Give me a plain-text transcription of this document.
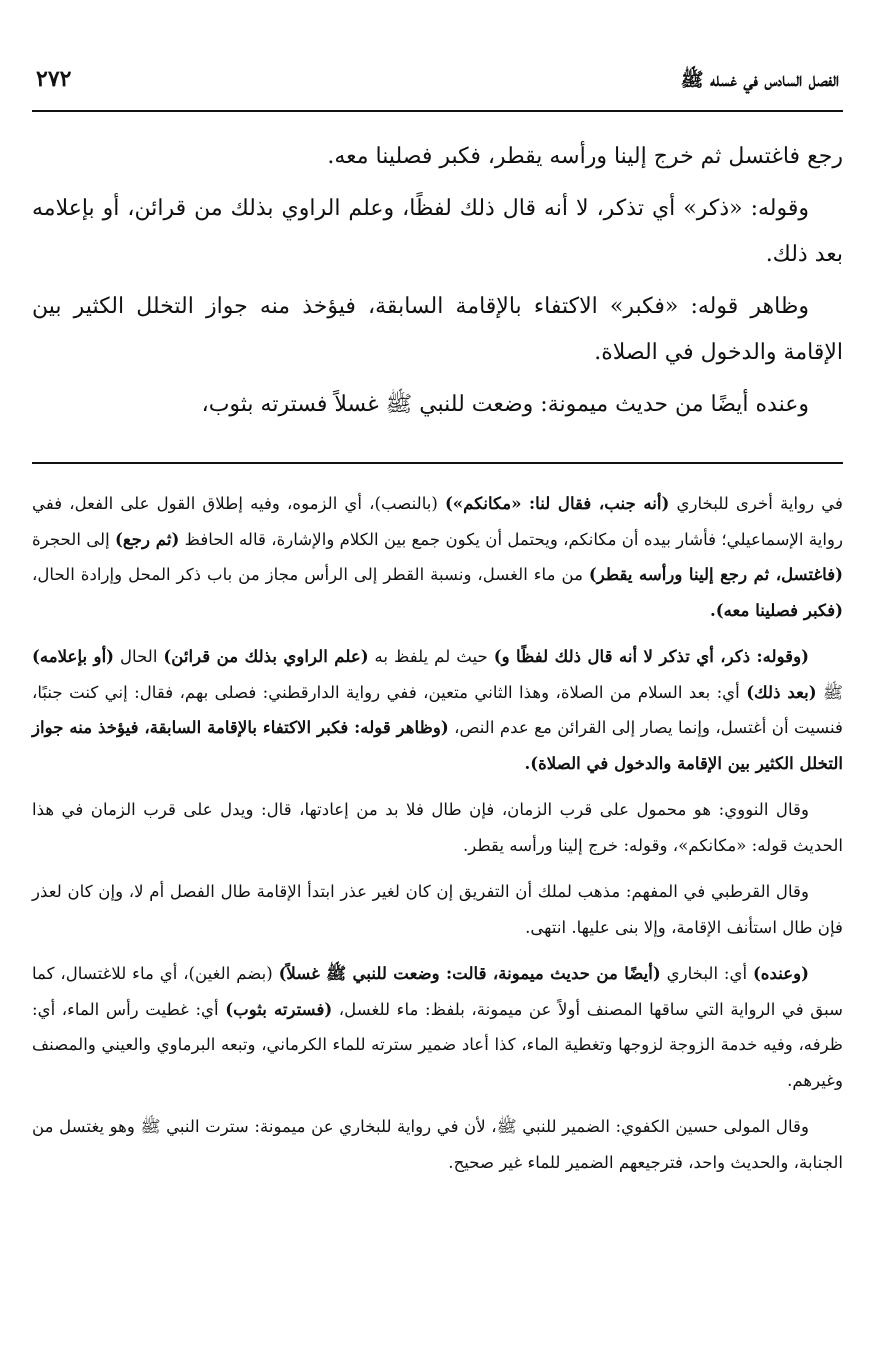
الفصل السادس في غسله ﷺ
٢٧٢

رجع فاغتسل ثم خرج إلينا ورأسه يقطر، فكبر فصلينا معه.

وقوله: «ذكر» أي تذكر، لا أنه قال ذلك لفظًا، وعلم الراوي بذلك من قرائن، أو بإعلامه بعد ذلك.

وظاهر قوله: «فكبر» الاكتفاء بالإقامة السابقة، فيؤخذ منه جواز التخلل الكثير بين الإقامة والدخول في الصلاة.

وعنده أيضًا من حديث ميمونة: وضعت للنبي ﷺ غسلاً فسترته بثوب،

في رواية أخرى للبخاري (أنه جنب، فقال لنا: «مكانكم») (بالنصب)، أي الزموه، وفيه إطلاق القول على الفعل، ففي رواية الإسماعيلي؛ فأشار بيده أن مكانكم، ويحتمل أن يكون جمع بين الكلام والإشارة، قاله الحافظ (ثم رجع) إلى الحجرة (فاغتسل، ثم رجع إلينا ورأسه يقطر) من ماء الغسل، ونسبة القطر إلى الرأس مجاز من باب ذكر المحل وإرادة الحال، (فكبر فصلينا معه).

(وقوله: ذكر، أي تذكر لا أنه قال ذلك لفظًا و) حيث لم يلفظ به (علم الراوي بذلك من قرائن) الحال (أو بإعلامه) ﷺ (بعد ذلك) أي: بعد السلام من الصلاة، وهذا الثاني متعين، ففي رواية الدارقطني: فصلى بهم، فقال: إني كنت جنبًا، فنسيت أن أغتسل، وإنما يصار إلى القرائن مع عدم النص، (وظاهر قوله: فكبر الاكتفاء بالإقامة السابقة، فيؤخذ منه جواز التخلل الكثير بين الإقامة والدخول في الصلاة).

وقال النووي: هو محمول على قرب الزمان، فإن طال فلا بد من إعادتها، قال: ويدل على قرب الزمان في هذا الحديث قوله: «مكانكم»، وقوله: خرج إلينا ورأسه يقطر.

وقال القرطبي في المفهم: مذهب لملك أن التفريق إن كان لغير عذر ابتدأ الإقامة طال الفصل أم لا، وإن كان لعذر فإن طال استأنف الإقامة، وإلا بنى عليها. انتهى.

(وعنده) أي: البخاري (أيضًا من حديث ميمونة، قالت: وضعت للنبي ﷺ غسلاً) (بضم الغين)، أي ماء للاغتسال، كما سبق في الرواية التي ساقها المصنف أولاً عن ميمونة، بلفظ: ماء للغسل، (فسترته بثوب) أي: غطيت رأس الماء، أي: ظرفه، وفيه خدمة الزوجة لزوجها وتغطية الماء، كذا أعاد ضمير سترته للماء الكرماني، وتبعه البرماوي والعيني والمصنف وغيرهم.

وقال المولى حسين الكفوي: الضمير للنبي ﷺ، لأن في رواية للبخاري عن ميمونة: سترت النبي ﷺ وهو يغتسل من الجنابة، والحديث واحد، فترجيعهم الضمير للماء غير صحيح.
